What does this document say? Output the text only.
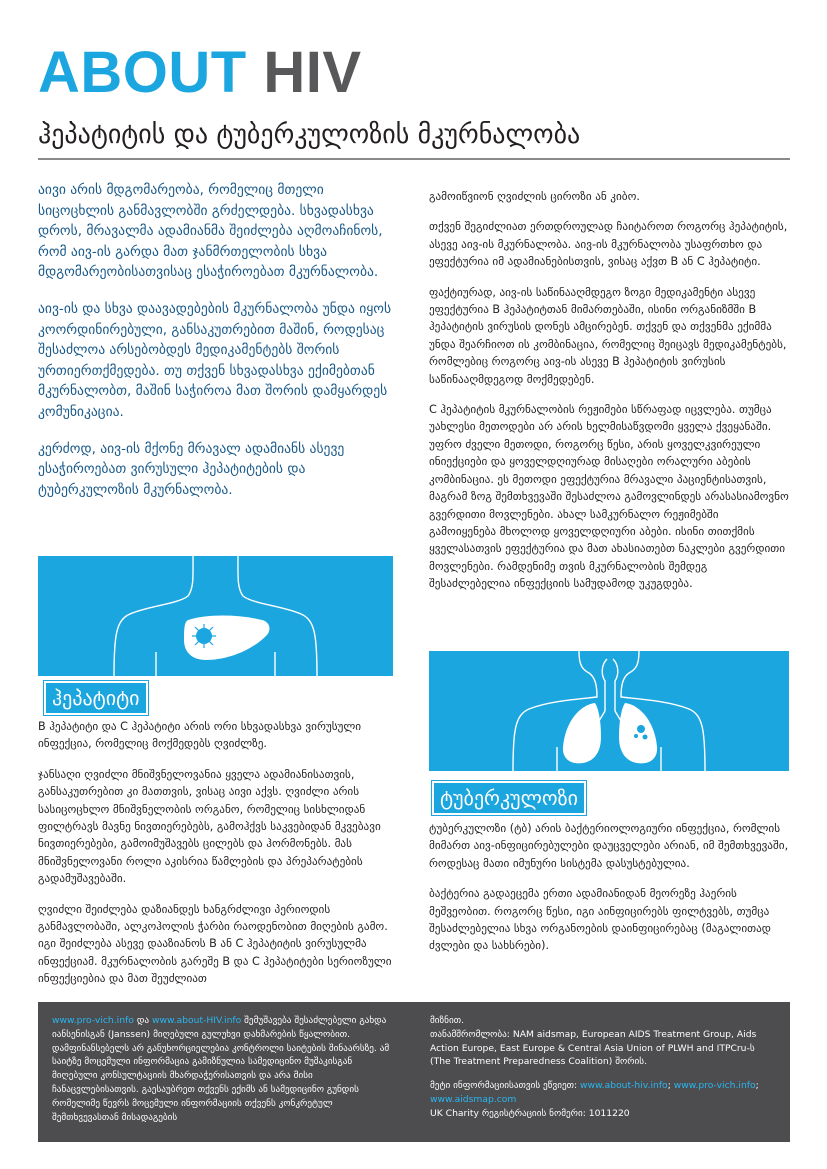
ABOUT HIV
ჰეპატიტის და ტუბერკულოზის მკურნალობა

აივი არის მდგომარეობა, რომელიც მთელი სიცოცხლის განმავლობში გრძელდება. სხვადასხვა დროს, მრავალმა ადამიანმა შეიძლება აღმოაჩინოს, რომ აივ-ის გარდა მათ ჯანმრთელობის სხვა მდგომარეობისათვისაც ესაჭიროებათ მკურნალობა.

აივ-ის და სხვა დაავადებების მკურნალობა უნდა იყოს კოორდინირებული, განსაკუთრებით მაშინ, როდესაც შესაძლოა არსებობდეს მედიკამენტებს შორის ურთიერთქმედება. თუ თქვენ სხვადასხვა ექიმებთან მკურნალობთ, მაშინ საჭიროა მათ შორის დამყარდეს კომუნიკაცია.

კერძოდ, აივ-ის მქონე მრავალ ადამიანს ასევე ესაჭიროებათ ვირუსული ჰეპატიტების და ტუბერკულოზის მკურნალობა.

ჰეპატიტი

B ჰეპატიტი და C ჰეპატიტი არის ორი სხვადასხვა ვირუსული ინფექცია, რომელიც მოქმედებს ღვიძლზე.

ჯანსაღი ღვიძლი მნიშვნელოვანია ყველა ადამიანისათვის, განსაკუთრებით კი მათთვის, ვისაც აივი აქვს. ღვიძლი არის სასიცოცხლო მნიშვნელობის ორგანო, რომელიც სისხლიდან ფილტრავს მავნე ნივთიერებებს, გამოჰქვს საკვებიდან მკვებავი ნივთიერებები, გამოიმუშავებს ცილებს და ჰორმონებს. მას მნიშვნელოვანი როლი აკისრია წამლების და პრეპარატების გადამუშავებაში.

ღვიძლი შეიძლება დაზიანდეს ხანგრძლივი პერიოდის განმავლობაში, ალკოჰოლის ჭარბი რაოდენობით მიღების გამო. იგი შეიძლება ასევე დააზიანოს B ან C ჰეპატიტის ვირუსულმა ინფექციამ. მკურნალობის გარეშე B და C ჰეპატიტები სერიოზული ინფექციებია და მათ შეუძლიათ

გამოიწვიონ ღვიძლის ციროზი ან კიბო.

თქვენ შეგიძლიათ ერთდროულად ჩაიტაროთ როგორც ჰეპატიტის, ასევე აივ-ის მკურნალობა. აივ-ის მკურნალობა უსაფრთხო და ეფექტურია იმ ადამიანებისთვის, ვისაც აქვთ B ან C ჰეპატიტი.

ფაქტიურად, აივ-ის საწინააღმდეგო ზოგი მედიკამენტი ასევე ეფექტურია B ჰეპატიტთან მიმართებაში, ისინი ორგანიზმში B ჰეპატიტის ვირუსის დონეს ამცირებენ. თქვენ და თქვენმა ექიმმა უნდა შეარჩიოთ ის კომბინაცია, რომელიც შეიცავს მედიკამენტებს, რომლებიც როგორც აივ-ის ასევე B ჰეპატიტის ვირუსის საწინააღმდეგოდ მოქმედებენ.

C ჰეპატიტის მკურნალობის რეჟიმები სწრაფად იცვლება. თუმცა უახლესი მეთოდები არ არის ხელმისაწვდომი ყველა ქვეყანაში. უფრო ძველი მეთოდი, როგორც წესი, არის ყოველკვირეული ინიექციები და ყოველდღიურად მისაღები ორალური აბების კომბინაცია. ეს მეთოდი ეფექტურია მრავალი პაციენტისათვის, მაგრამ ზოგ შემთხვევაში შესაძლოა გამოვლინდეს არასასიამოვნო გვერდითი მოვლენები. ახალ სამკურნალო რეჟიმებში გამოიყენება მხოლოდ ყოველდღიური აბები. ისინი თითქმის ყველასათვის ეფექტურია და მათ ახასიათებთ ნაკლები გვერდითი მოვლენები. რამდენიმე თვის მკურნალობის შემდეგ შესაძლებელია ინფექციის სამუდამოდ უკუგდება.

ტუბერკულოზი

ტუბერკულოზი (ტბ) არის ბაქტერიოლოგიური ინფექცია, რომლის მიმართ აივ-ინფიცირებულები დაუცველები არიან, იმ შემთხვევაში, როდესაც მათი იმუნური სისტემა დასუსტებულია.

ბაქტერია გადაეცემა ერთი ადამიანიდან მეორეზე ჰაერის მეშვეობით. როგორც წესი, იგი აინფიცირებს ფილტვებს, თუმცა შესაძლებელია სხვა ორგანოების დაინფიცირებაც (მაგალითად ძვლები და სახსრები).

www.pro-vich.info და www.about-HIV.info შემუშავება შესაძლებელი გახდა იანსენისგან (Janssen) მიღებული გულუხვი დახმარების წყალობით. დამფინანსებელს არ განუხორციელებია კონტროლი საიტების შინაარსზე. ამ საიტზე მოცემული ინფორმაცია გამიზნულია სამედიცინო მუშაკისგან მიღებული კონსულტაციის მხარდაჭერისათვის და არა მისი ჩანაცვლებისათვის. გაესაუბრეთ თქვენს ექიმს ან სამედიცინო გუნდის რომელიმე წევრს მოცემული ინფორმაციის თქვენს კონკრეტულ შემთხვევასთან მისადაგების

მიზნით.

თანამშრომლობა: NAM aidsmap, European AIDS Treatment Group, Aids Action Europe, East Europe & Central Asia Union of PLWH and ITPCru-ს (The Treatment Preparedness Coalition) შორის.

მეტი ინფორმაციისათვის ეწვიეთ: www.about-hiv.info; www.pro-vich.info; www.aidsmap.com

UK Charity რეგისტრაციის ნომერი: 1011220
